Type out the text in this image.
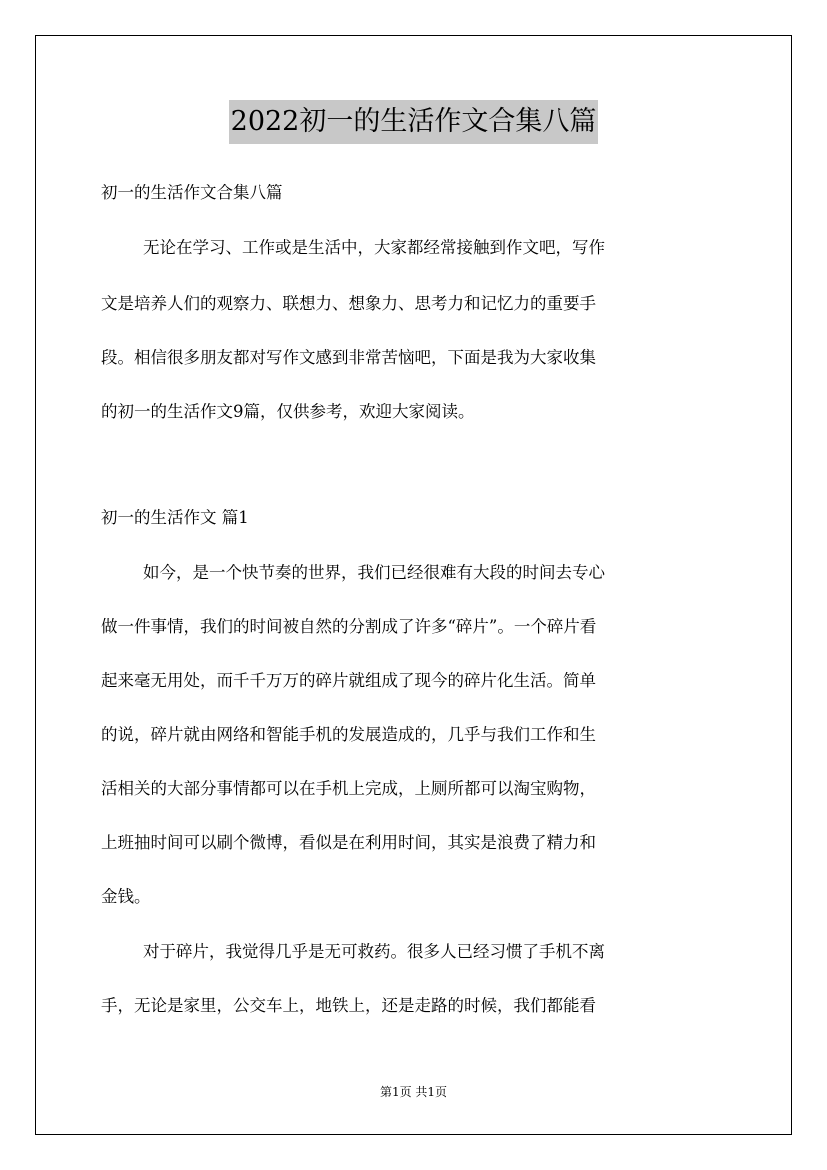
2022初一的生活作文合集八篇

初一的生活作文合集八篇

无论在学习、工作或是生活中，大家都经常接触到作文吧，写作

文是培养人们的观察力、联想力、想象力、思考力和记忆力的重要手

段。相信很多朋友都对写作文感到非常苦恼吧，下面是我为大家收集

的初一的生活作文9篇，仅供参考，欢迎大家阅读。

初一的生活作文 篇1

如今，是一个快节奏的世界，我们已经很难有大段的时间去专心

做一件事情，我们的时间被自然的分割成了许多“碎片”。一个碎片看

起来毫无用处，而千千万万的碎片就组成了现今的碎片化生活。简单

的说，碎片就由网络和智能手机的发展造成的，几乎与我们工作和生

活相关的大部分事情都可以在手机上完成，上厕所都可以淘宝购物，

上班抽时间可以刷个微博，看似是在利用时间，其实是浪费了精力和

金钱。

对于碎片，我觉得几乎是无可救药。很多人已经习惯了手机不离

手，无论是家里，公交车上，地铁上，还是走路的时候，我们都能看

第1页 共1页
